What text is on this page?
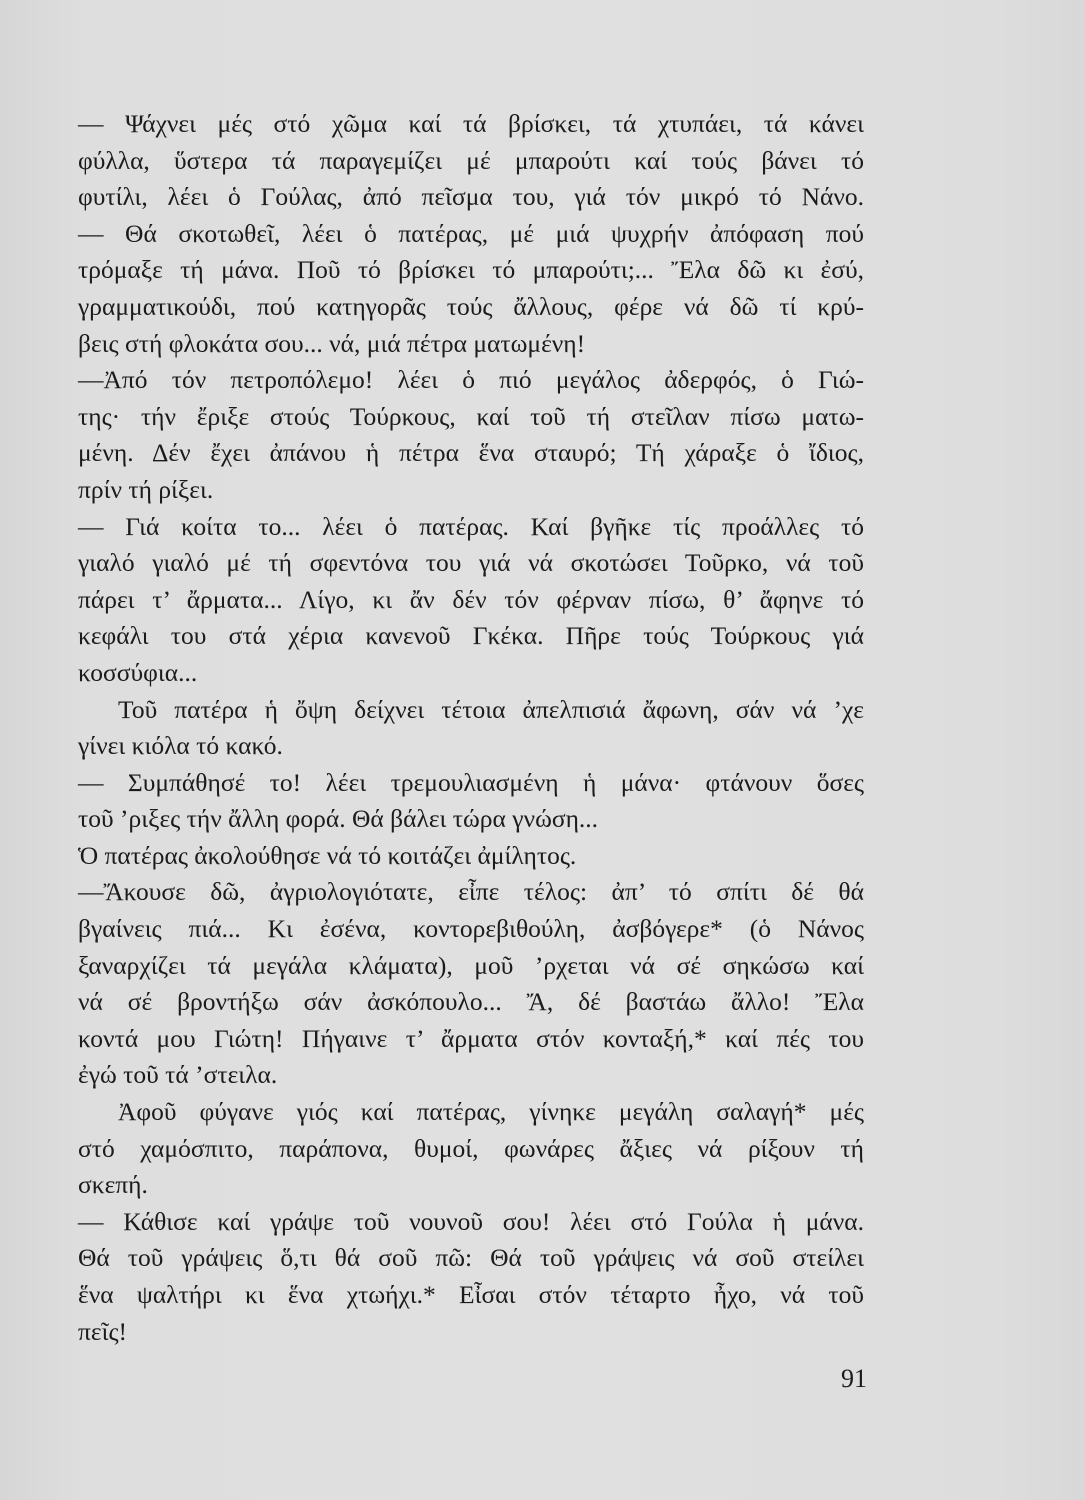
— Ψάχνει μές στό χῶμα καί τά βρίσκει, τά χτυπάει, τά κάνει
φύλλα, ὕστερα τά παραγεμίζει μέ μπαρούτι καί τούς βάνει τό
φυτίλι, λέει ὁ Γούλας, ἀπό πεῖσμα του, γιά τόν μικρό τό Νάνο.
— Θά σκοτωθεῖ, λέει ὁ πατέρας, μέ μιά ψυχρήν ἀπόφαση πού
τρόμαξε τή μάνα. Ποῦ τό βρίσκει τό μπαρούτι;... Ἔλα δῶ κι ἐσύ,
γραμματικούδι, πού κατηγορᾶς τούς ἄλλους, φέρε νά δῶ τί κρύ-
βεις στή φλοκάτα σου... νά, μιά πέτρα ματωμένη!
—Ἀπό τόν πετροπόλεμο! λέει ὁ πιό μεγάλος ἀδερφός, ὁ Γιώ-
της· τήν ἔριξε στούς Τούρκους, καί τοῦ τή στεῖλαν πίσω ματω-
μένη. Δέν ἔχει ἀπάνου ἡ πέτρα ἕνα σταυρό; Τή χάραξε ὁ ἴδιος,
πρίν τή ρίξει.
— Γιά κοίτα το... λέει ὁ πατέρας. Καί βγῆκε τίς προάλλες τό
γιαλό γιαλό μέ τή σφεντόνα του γιά νά σκοτώσει Τοῦρκο, νά τοῦ
πάρει τ’ ἄρματα... Λίγο, κι ἄν δέν τόν φέρναν πίσω, θ’ ἄφηνε τό
κεφάλι του στά χέρια κανενοῦ Γκέκα. Πῆρε τούς Τούρκους γιά
κοσσύφια...
Τοῦ πατέρα ἡ ὄψη δείχνει τέτοια ἀπελπισιά ἄφωνη, σάν νά ’χε
γίνει κιόλα τό κακό.
— Συμπάθησέ το! λέει τρεμουλιασμένη ἡ μάνα· φτάνουν ὅσες
τοῦ ’ριξες τήν ἄλλη φορά. Θά βάλει τώρα γνώση...
Ὁ πατέρας ἀκολούθησε νά τό κοιτάζει ἀμίλητος.
—Ἄκουσε δῶ, ἀγριολογιότατε, εἶπε τέλος: ἀπ’ τό σπίτι δέ θά
βγαίνεις πιά... Κι ἐσένα, κοντορεβιθούλη, ἀσβόγερε* (ὁ Νάνος
ξαναρχίζει τά μεγάλα κλάματα), μοῦ ’ρχεται νά σέ σηκώσω καί
νά σέ βροντήξω σάν ἀσκόπουλο... Ἄ, δέ βαστάω ἄλλο! Ἔλα
κοντά μου Γιώτη! Πήγαινε τ’ ἄρματα στόν κονταξή,* καί πές του
ἐγώ τοῦ τά ’στειλα.
Ἀφοῦ φύγανε γιός καί πατέρας, γίνηκε μεγάλη σαλαγή* μές
στό χαμόσπιτο, παράπονα, θυμοί, φωνάρες ἄξιες νά ρίξουν τή
σκεπή.
— Κάθισε καί γράψε τοῦ νουνοῦ σου! λέει στό Γούλα ἡ μάνα.
Θά τοῦ γράψεις ὅ,τι θά σοῦ πῶ: Θά τοῦ γράψεις νά σοῦ στείλει
ἕνα ψαλτήρι κι ἕνα χτωήχι.* Εἶσαι στόν τέταρτο ἦχο, νά τοῦ
πεῖς!
91
